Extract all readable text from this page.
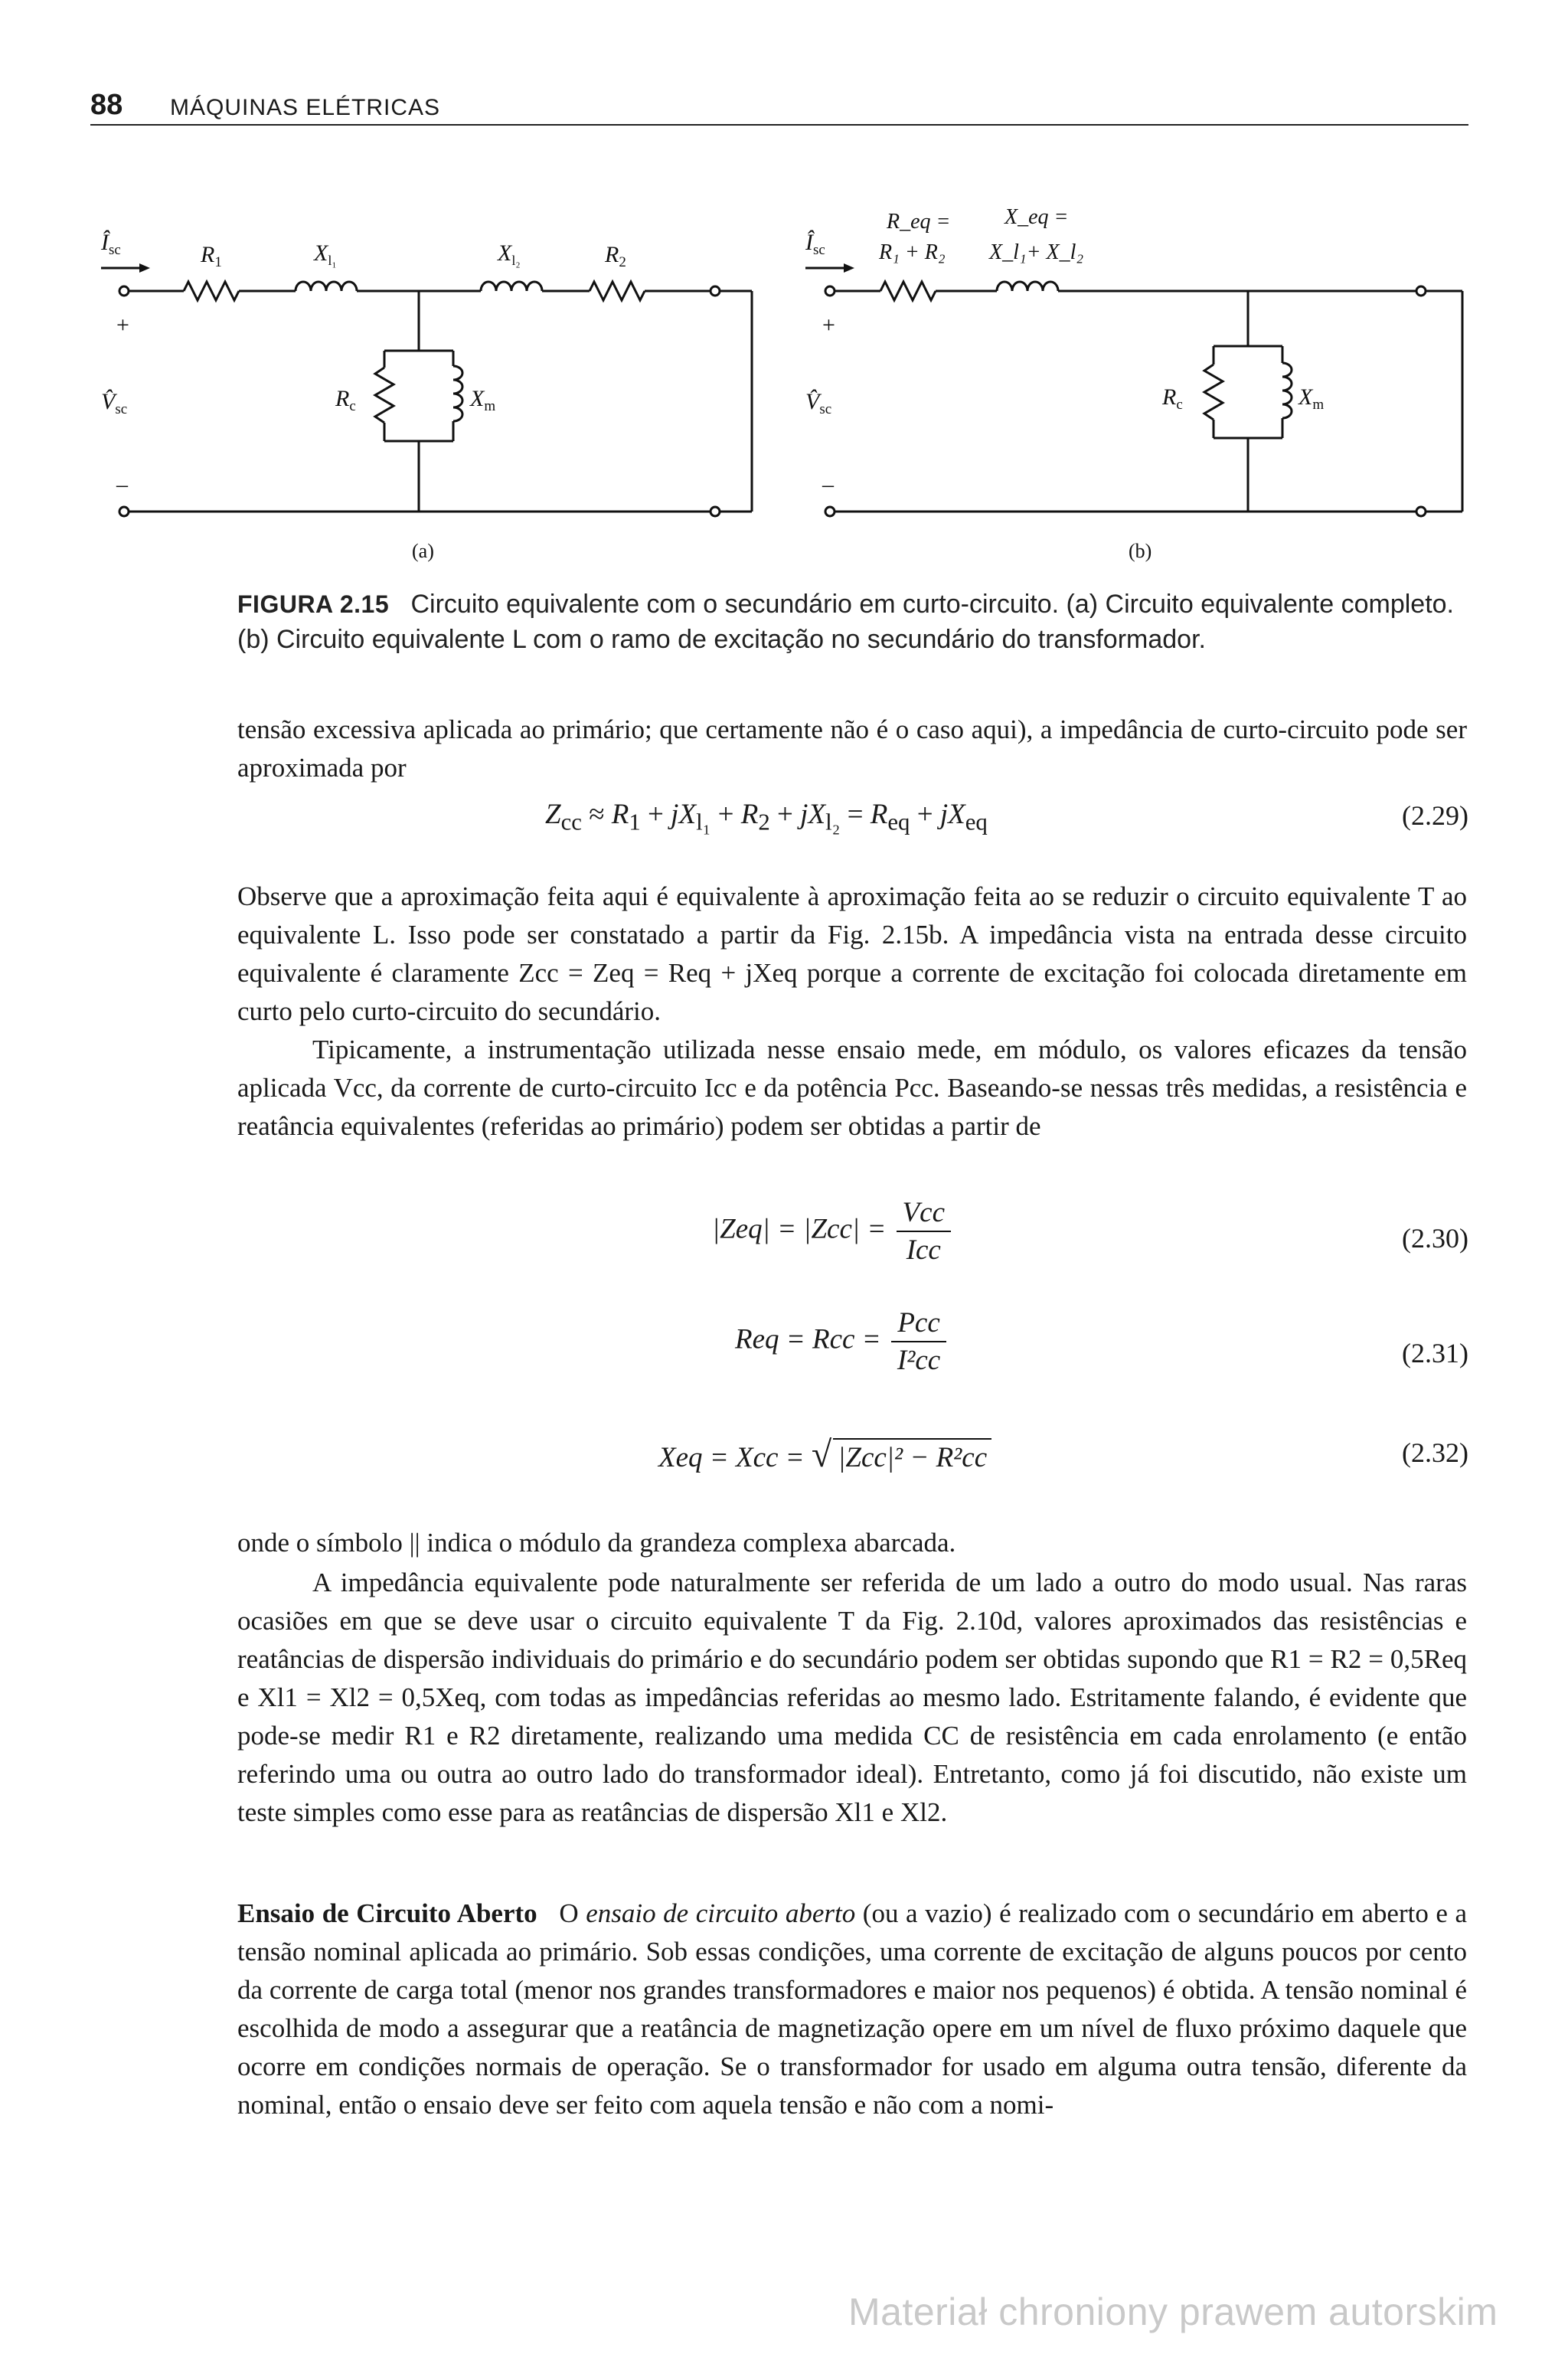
88 MÁQUINAS ELÉTRICAS
$Î_{sc}$
+
$V̂_{sc}$
–
$R_1$	$X_{l_1}$	$X_{l_2}$	$R_2$
$R_c$	$X_m$
(a)
$Î_{sc}$
+
$V̂_{sc}$
–
R_eq =
R₁ + R₂
X_eq =
X_l₁+ X_l₂
$R_c$	$X_m$
(b)
FIGURA 2.15 Circuito equivalente com o secundário em curto-circuito. (a) Circuito equivalente completo. (b) Circuito equivalente L com o ramo de excitação no secundário do transformador.
tensão excessiva aplicada ao primário; que certamente não é o caso aqui), a impedância de curto-circuito pode ser aproximada por
$Z_{cc} \approx R_1 + jX_{l_1} + R_2 + jX_{l_2} = R_{eq} + jX_{eq}$	(2.29)
Observe que a aproximação feita aqui é equivalente à aproximação feita ao se reduzir o circuito equivalente T ao equivalente L. Isso pode ser constatado a partir da Fig. 2.15b. A impedância vista na entrada desse circuito equivalente é claramente Zcc = Zeq = Req + jXeq porque a corrente de excitação foi colocada diretamente em curto pelo curto-circuito do secundário.
Tipicamente, a instrumentação utilizada nesse ensaio mede, em módulo, os valores eficazes da tensão aplicada Vcc, da corrente de curto-circuito Icc e da potência Pcc. Baseando-se nessas três medidas, a resistência e reatância equivalentes (referidas ao primário) podem ser obtidas a partir de
$|Zeq| = |Zcc| = \frac{\text{Vcc}}{\text{Icc}}$	(2.30)
Req = Rcc = $\frac{\text{Pcc}}{\text{I²cc}}$	(2.31)
Xeq = Xcc = √ |Zcc|² − R²cc	(2.32)
onde o símbolo || indica o módulo da grandeza complexa abarcada.
A impedância equivalente pode naturalmente ser referida de um lado a outro do modo usual. Nas raras ocasiões em que se deve usar o circuito equivalente T da Fig. 2.10d, valores aproximados das resistências e reatâncias de dispersão individuais do primário e do secundário podem ser obtidas supondo que R1 = R2 = 0,5Req e Xl1 = Xl2 = 0,5Xeq, com todas as impedâncias referidas ao mesmo lado. Estritamente falando, é evidente que pode-se medir R1 e R2 diretamente, realizando uma medida CC de resistência em cada enrolamento (e então referindo uma ou outra ao outro lado do transformador ideal). Entretanto, como já foi discutido, não existe um teste simples como esse para as reatâncias de dispersão Xl1 e Xl2.
Ensaio de Circuito Aberto O ensaio de circuito aberto (ou a vazio) é realizado com o secundário em aberto e a tensão nominal aplicada ao primário. Sob essas condições, uma corrente de excitação de alguns poucos por cento da corrente de carga total (menor nos grandes transformadores e maior nos pequenos) é obtida. A tensão nominal é escolhida de modo a assegurar que a reatância de magnetização opere em um nível de fluxo próximo daquele que ocorre em condições normais de operação. Se o transformador for usado em alguma outra tensão, diferente da nominal, então o ensaio deve ser feito com aquela tensão e não com a nomi-
Materiał chroniony prawem autorskim
